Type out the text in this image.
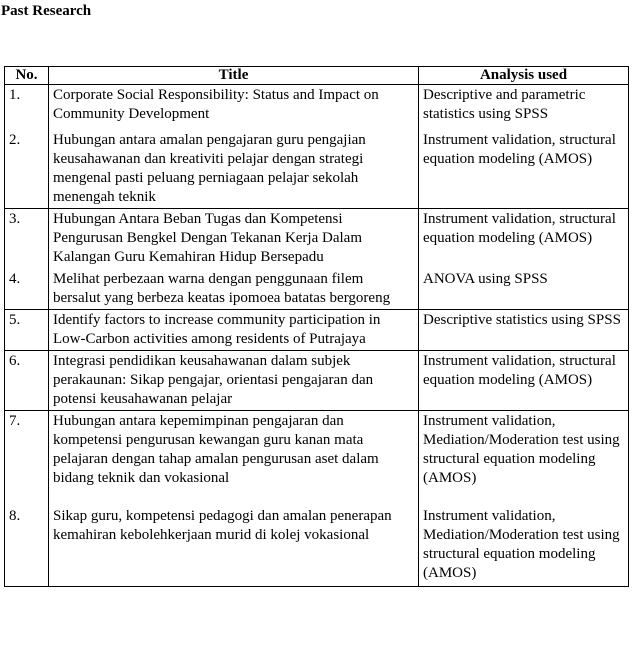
Past Research
No.	Title	Analysis used
1.	Corporate Social Responsibility: Status and Impact on Community Development	Descriptive and parametric statistics using SPSS
2.	Hubungan antara amalan pengajaran guru pengajian keusahawanan dan kreativiti pelajar dengan strategi mengenal pasti peluang perniagaan pelajar sekolah menengah teknik	Instrument validation, structural equation modeling (AMOS)
3.	Hubungan Antara Beban Tugas dan Kompetensi Pengurusan Bengkel Dengan Tekanan Kerja Dalam Kalangan Guru Kemahiran Hidup Bersepadu	Instrument validation, structural equation modeling (AMOS)
4.	Melihat perbezaan warna dengan penggunaan filem bersalut yang berbeza keatas ipomoea batatas bergoreng	ANOVA using SPSS
5.	Identify factors to increase community participation in Low-Carbon activities among residents of Putrajaya	Descriptive statistics using SPSS
6.	Integrasi pendidikan keusahawanan dalam subjek perakaunan: Sikap pengajar, orientasi pengajaran dan potensi keusahawanan pelajar	Instrument validation, structural equation modeling (AMOS)
7.	Hubungan antara kepemimpinan pengajaran dan kompetensi pengurusan kewangan guru kanan mata pelajaran dengan tahap amalan pengurusan aset dalam bidang teknik dan vokasional	Instrument validation, Mediation/Moderation test using structural equation modeling (AMOS)
8.	Sikap guru, kompetensi pedagogi dan amalan penerapan kemahiran kebolehkerjaan murid di kolej vokasional	Instrument validation, Mediation/Moderation test using structural equation modeling (AMOS)
